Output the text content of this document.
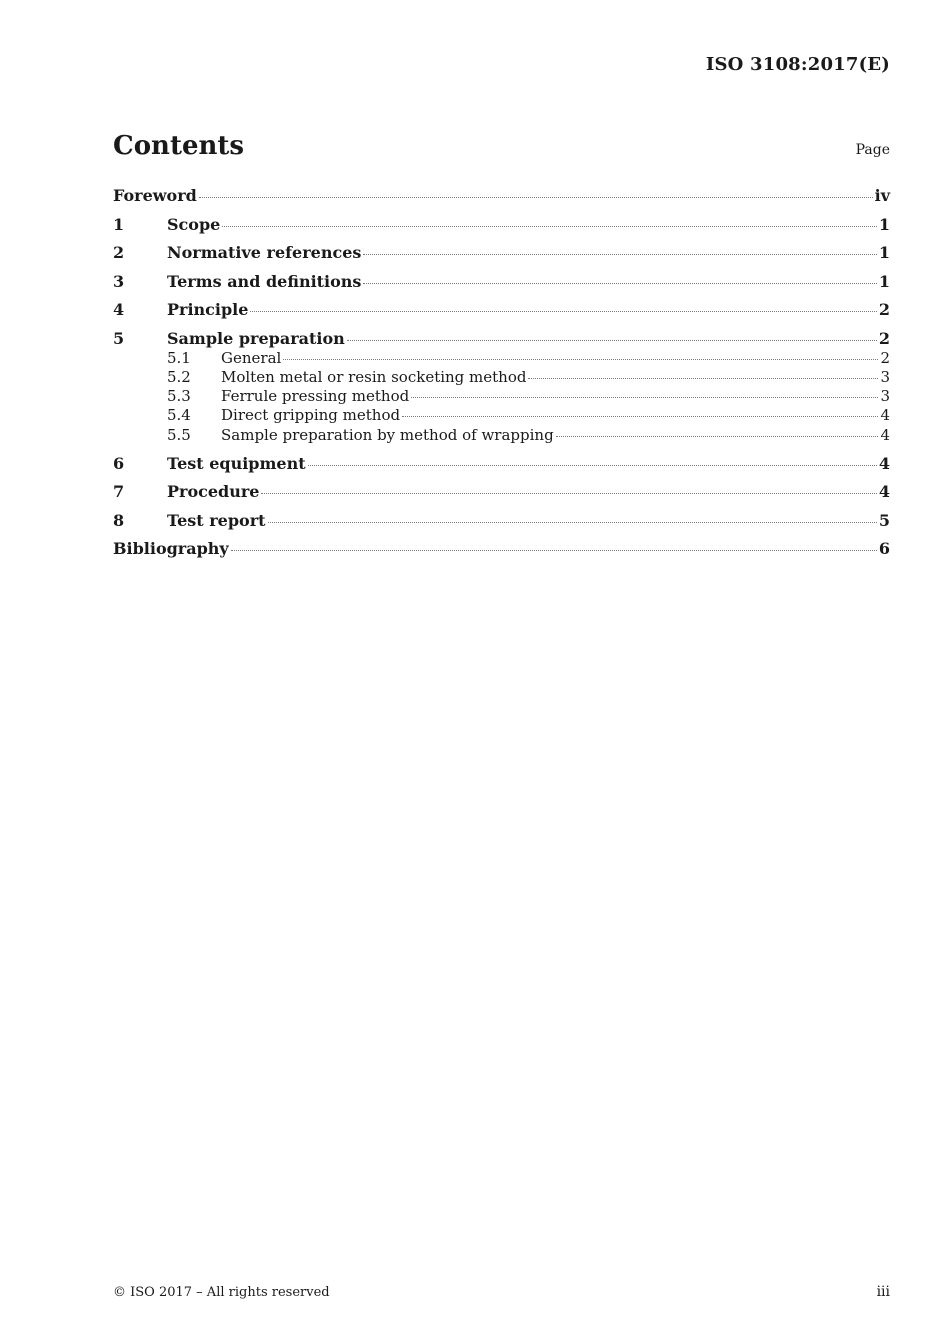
ISO 3108:2017(E)
Contents	Page
Foreword	iv
1	Scope	1
2	Normative references	1
3	Terms and definitions	1
4	Principle	2
5	Sample preparation	2
5.1	General	2
5.2	Molten metal or resin socketing method	3
5.3	Ferrule pressing method	3
5.4	Direct gripping method	4
5.5	Sample preparation by method of wrapping	4
6	Test equipment	4
7	Procedure	4
8	Test report	5
Bibliography	6
© ISO 2017 – All rights reserved	iii
